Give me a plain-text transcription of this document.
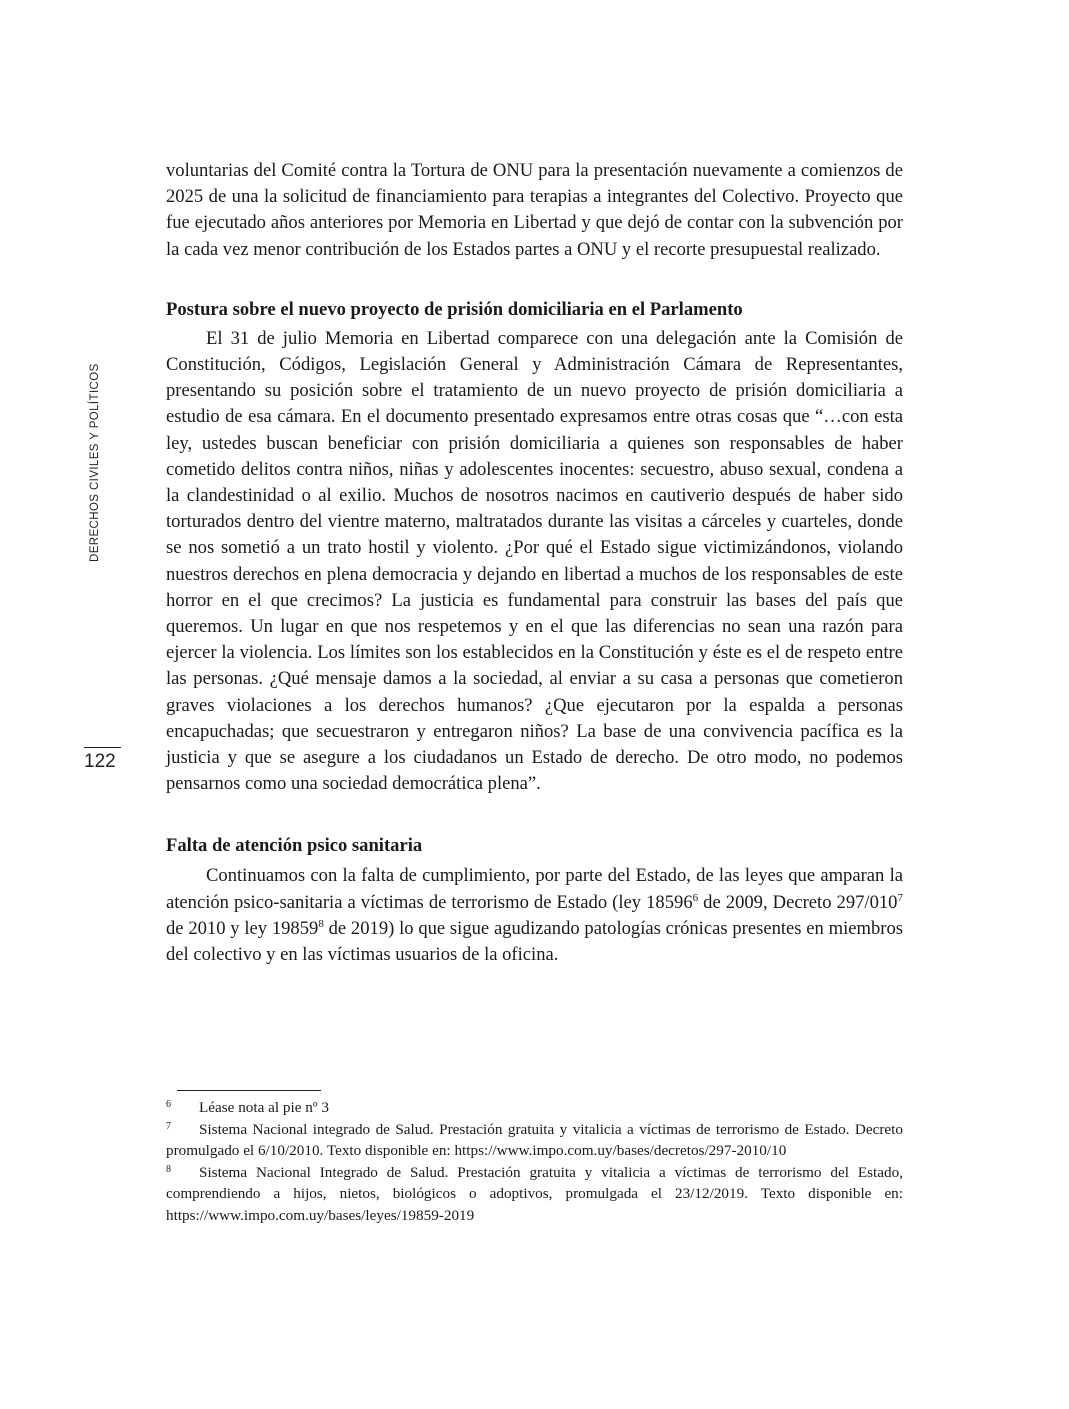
DERECHOS CIVILES Y POLÍTICOS
122

voluntarias del Comité contra la Tortura de ONU para la presentación nuevamente a comienzos de 2025 de una la solicitud de financiamiento para terapias a integrantes del Colectivo. Proyecto que fue ejecutado años anteriores por Memoria en Libertad y que dejó de contar con la subvención por la cada vez menor contribución de los Estados partes a ONU y el recorte presupuestal realizado.

Postura sobre el nuevo proyecto de prisión domiciliaria en el Parlamento

El 31 de julio Memoria en Libertad comparece con una delegación ante la Comisión de Constitución, Códigos, Legislación General y Administración Cámara de Representantes, presentando su posición sobre el tratamiento de un nuevo proyecto de prisión domiciliaria a estudio de esa cámara. En el documento presentado expresamos entre otras cosas que “…con esta ley, ustedes buscan beneficiar con prisión domiciliaria a quienes son responsables de haber cometido delitos contra niños, niñas y adolescentes inocentes: secuestro, abuso sexual, condena a la clandestinidad o al exilio. Muchos de nosotros nacimos en cautiverio después de haber sido torturados dentro del vientre materno, maltratados durante las visitas a cárceles y cuarteles, donde se nos sometió a un trato hostil y violento. ¿Por qué el Estado sigue victimizándonos, violando nuestros derechos en plena democracia y dejando en libertad a muchos de los responsables de este horror en el que crecimos? La justicia es fundamental para construir las bases del país que queremos. Un lugar en que nos respetemos y en el que las diferencias no sean una razón para ejercer la violencia. Los límites son los establecidos en la Constitución y éste es el de respeto entre las personas. ¿Qué mensaje damos a la sociedad, al enviar a su casa a personas que cometieron graves violaciones a los derechos humanos? ¿Que ejecutaron por la espalda a personas encapuchadas; que secuestraron y entregaron niños? La base de una convivencia pacífica es la justicia y que se asegure a los ciudadanos un Estado de derecho. De otro modo, no podemos pensarnos como una sociedad democrática plena”.

Falta de atención psico sanitaria

Continuamos con la falta de cumplimiento, por parte del Estado, de las leyes que amparan la atención psico-sanitaria a víctimas de terrorismo de Estado (ley 18596$^6$ de 2009, Decreto $297/010^7$ de 2010 y ley 19859$^8$ de 2019) lo que sigue agudizando patologías crónicas presentes en miembros del colectivo y en las víctimas usuarios de la oficina.

6 Léase nota al pie nº 3

7 Sistema Nacional integrado de Salud. Prestación gratuita y vitalicia a víctimas de terrorismo de Estado. Decreto promulgado el 6/10/2010. Texto disponible en: https://www.impo.com.uy/bases/decretos/297-2010/10

8 Sistema Nacional Integrado de Salud. Prestación gratuita y vitalicia a víctimas de terrorismo del Estado, comprendiendo a hijos, nietos, biológicos o adoptivos, promulgada el 23/12/2019. Texto disponible en: https://www.impo.com.uy/bases/leyes/19859-2019
